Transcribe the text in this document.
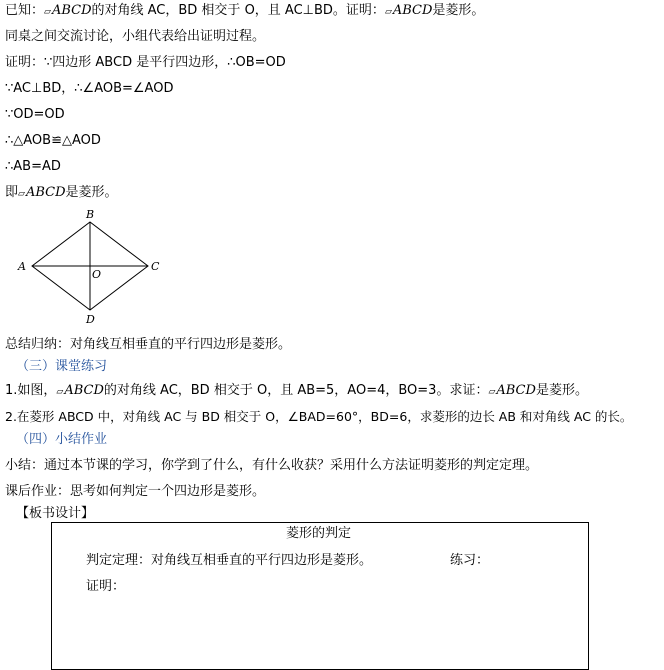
已知：▱ABCD的对角线 AC，BD 相交于 O，且 AC⊥BD。证明：▱ABCD是菱形。
同桌之间交流讨论，小组代表给出证明过程。
证明：∵四边形 ABCD 是平行四边形，∴OB=OD
∵AC⊥BD，∴∠AOB=∠AOD
∵OD=OD
∴△AOB≌△AOD
∴AB=AD
即▱ABCD是菱形。
A
B
C
D
O
总结归纳：对角线互相垂直的平行四边形是菱形。
（三）课堂练习
1.如图，▱ABCD的对角线 AC，BD 相交于 O，且 AB=5，AO=4，BO=3。求证：▱ABCD是菱形。
2.在菱形 ABCD 中，对角线 AC 与 BD 相交于 O，∠BAD=60°，BD=6，求菱形的边长 AB 和对角线 AC 的长。
（四）小结作业
小结：通过本节课的学习，你学到了什么，有什么收获？采用什么方法证明菱形的判定定理。
课后作业：思考如何判定一个四边形是菱形。
【板书设计】
菱形的判定
判定定理：对角线互相垂直的平行四边形是菱形。	练习：
证明：
